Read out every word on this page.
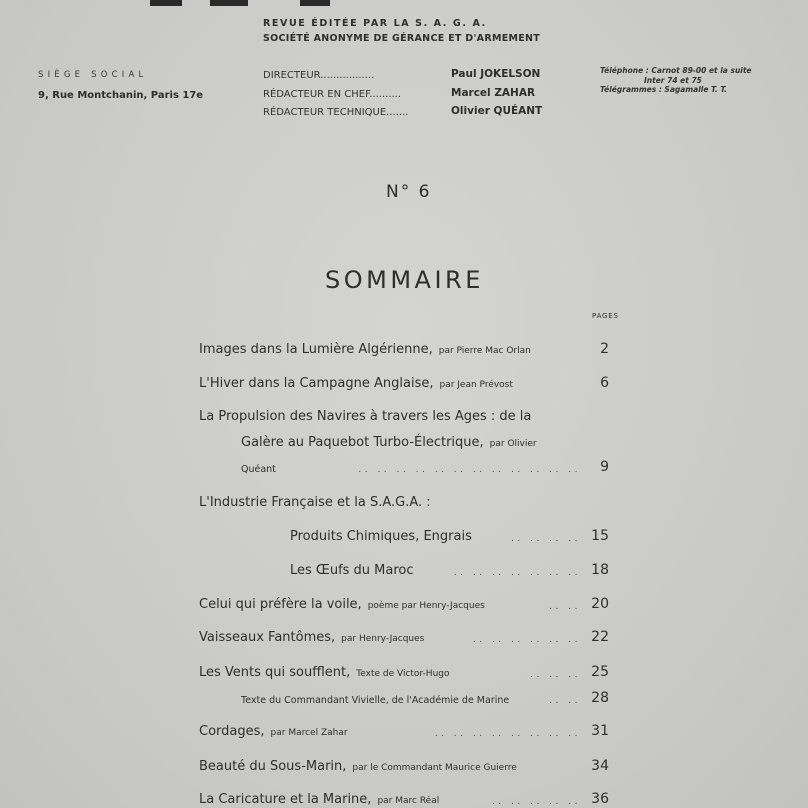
REVUE ÉDITÉE PAR LA S. A. G. A.
SOCIÉTÉ ANONYME DE GÉRANCE ET D'ARMEMENT
SIÈGE SOCIAL
9, Rue Montchanin, Paris 17e
DIRECTEUR.................	Paul JOKELSON
RÉDACTEUR EN CHEF..........	Marcel ZAHAR
RÉDACTEUR TECHNIQUE.......	Olivier QUÉANT
Téléphone : Carnot 89-00 et la suite
Inter 74 et 75
Télégrammes : Sagamalle T. T.
N° 6
SOMMAIRE
PAGES
Images dans la Lumière Algérienne, par Pierre Mac Orlan	2
L'Hiver dans la Campagne Anglaise, par Jean Prévost	6
La Propulsion des Navires à travers les Ages : de la
Galère au Paquebot Turbo-Électrique, par Olivier
Quéant	.. .. .. .. .. .. .. .. .. .. .. ..	9
L'Industrie Française et la S.A.G.A. :
Produits Chimiques, Engrais	.. .. .. .. 15
Les Œufs du Maroc	.. .. .. .. .. .. .. 18
Celui qui préfère la voile, poème par Henry-Jacques	.. .. 20
Vaisseaux Fantômes, par Henry-Jacques	.. .. .. .. .. .. 22
Les Vents qui soufflent, Texte de Victor-Hugo	.. .. .. 25
Texte du Commandant Vivielle, de l'Académie de Marine	.. .. 28
Cordages, par Marcel Zahar	.. .. .. .. .. .. .. .. 31
Beauté du Sous-Marin, par le Commandant Maurice Guierre	34
La Caricature et la Marine, par Marc Réal	.. .. .. .. .. 36
